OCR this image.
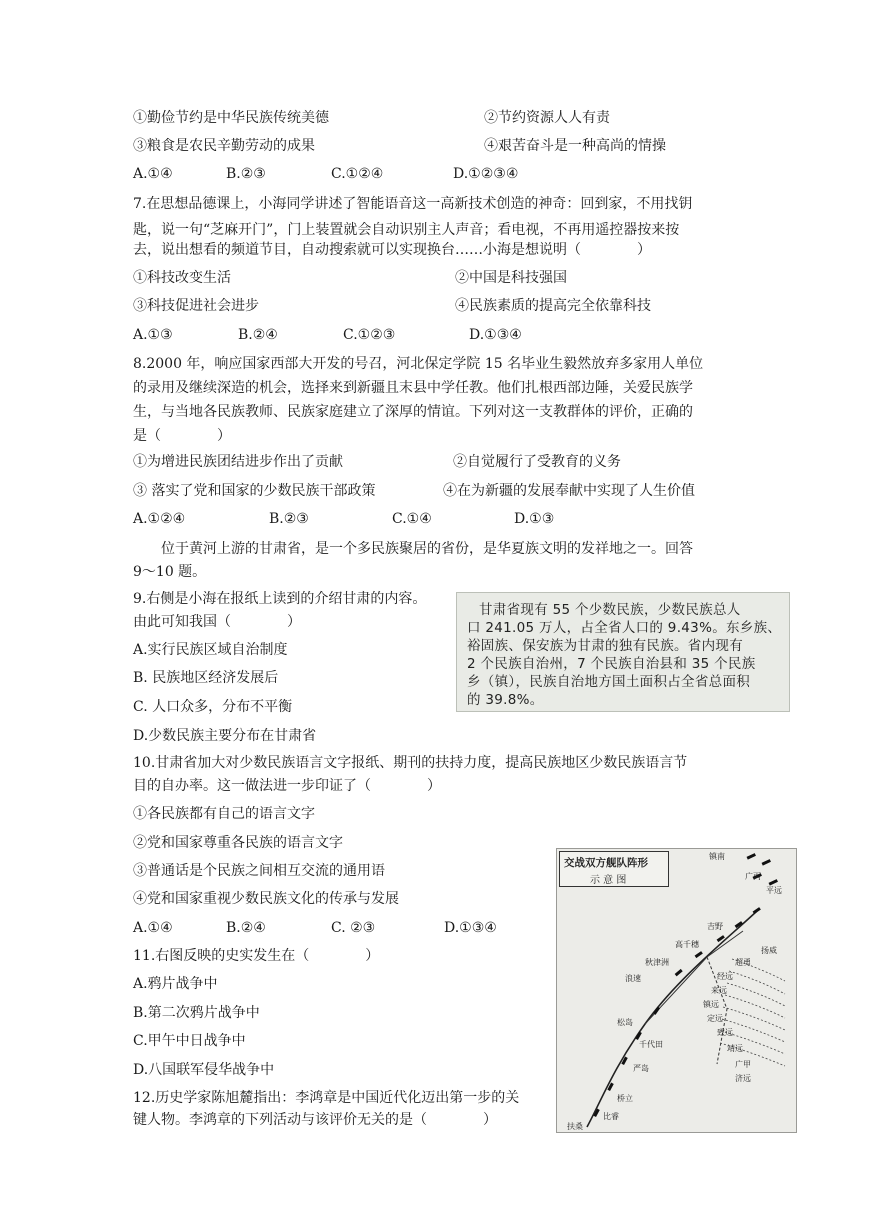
①勤俭节约是中华民族传统美德	②节约资源人人有责
③粮食是农民辛勤劳动的成果	④艰苦奋斗是一种高尚的情操
A.①④	B.②③	C.①②④	D.①②③④
7.在思想品德课上，小海同学讲述了智能语音这一高新技术创造的神奇：回到家，不用找钥
匙，说一句“芝麻开门”，门上装置就会自动识别主人声音；看电视，不再用遥控器按来按
去，说出想看的频道节目，自动搜索就可以实现换台……小海是想说明（　　　　）
①科技改变生活	②中国是科技强国
③科技促进社会进步	④民族素质的提高完全依靠科技
A.①③	B.②④	C.①②③	D.①③④
8.2000 年，响应国家西部大开发的号召，河北保定学院 15 名毕业生毅然放弃多家用人单位
的录用及继续深造的机会，选择来到新疆且末县中学任教。他们扎根西部边陲，关爱民族学
生，与当地各民族教师、民族家庭建立了深厚的情谊。下列对这一支教群体的评价，正确的
是（　　　　）
①为增进民族团结进步作出了贡献	②自觉履行了受教育的义务
③ 落实了党和国家的少数民族干部政策	④在为新疆的发展奉献中实现了人生价值
A.①②④	B.②③	C.①④	D.①③
位于黄河上游的甘肃省，是一个多民族聚居的省份，是华夏族文明的发祥地之一。回答
9～10 题。
9.右侧是小海在报纸上读到的介绍甘肃的内容。
由此可知我国（　　　　）
A.实行民族区域自治制度
B. 民族地区经济发展后
C. 人口众多，分布不平衡
D.少数民族主要分布在甘肃省
甘肃省现有 55 个少数民族，少数民族总人
口 241.05 万人，占全省人口的 9.43%。东乡族、
裕固族、保安族为甘肃的独有民族。省内现有
2 个民族自治州，7 个民族自治县和 35 个民族
乡（镇），民族自治地方国土面积占全省总面积
的 39.8%。
10.甘肃省加大对少数民族语言文字报纸、期刊的扶持力度，提高民族地区少数民族语言节
目的自办率。这一做法进一步印证了（　　　　）
①各民族都有自己的语言文字
②党和国家尊重各民族的语言文字
③普通话是个民族之间相互交流的通用语
④党和国家重视少数民族文化的传承与发展
A.①④	B.②④	C. ②③	D.①③④
11.右图反映的史实发生在（　　　　）
A.鸦片战争中
B.第二次鸦片战争中
C.甲午中日战争中
D.八国联军侵华战争中
12.历史学家陈旭麓指出：李鸿章是中国近代化迈出第一步的关
键人物。李鸿章的下列活动与该评价无关的是（　　　　）
交战双方舰队阵形
示 意 图
镇南
广丙
平远
吉野
高千穗
秋津洲
浪速
松岛
千代田
严岛
桥立
比睿
扶桑
扬威
超勇
经远
来远
镇远
定远
致远
靖远
广甲
济远
